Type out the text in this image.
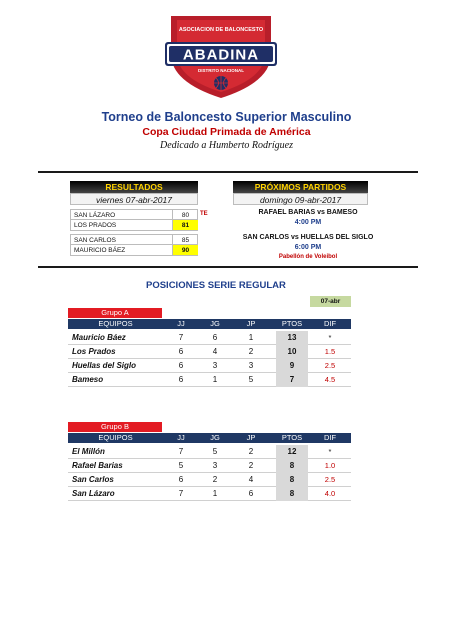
ABADINA
ASOCIACION DE BALONCESTO
DISTRITO NACIONAL
Torneo de Baloncesto Superior Masculino
Copa Ciudad Primada de América
Dedicado a Humberto Rodríguez
RESULTADOS
viernes 07-abr-2017
SAN LÁZARO	80
LOS PRADOS	81
SAN CARLOS	85
MAURICIO BÁEZ	90
TE
PRÓXIMOS PARTIDOS
domingo 09-abr-2017
RAFAEL BARIAS vs BAMESO
4:00 PM
SAN CARLOS vs HUELLAS DEL SIGLO
6:00 PM
Pabellón de Voleibol
POSICIONES SERIE REGULAR
07-abr
Grupo A
EQUIPOS	JJ	JG	JP	PTOS	DIF
Mauricio Báez	7	6	1	13	*
Los Prados	6	4	2	10	1.5
Huellas del Siglo	6	3	3	9	2.5
Bameso	6	1	5	7	4.5
Grupo B
EQUIPOS	JJ	JG	JP	PTOS	DIF
El Millón	7	5	2	12	*
Rafael Barias	5	3	2	8	1.0
San Carlos	6	2	4	8	2.5
San Lázaro	7	1	6	8	4.0
